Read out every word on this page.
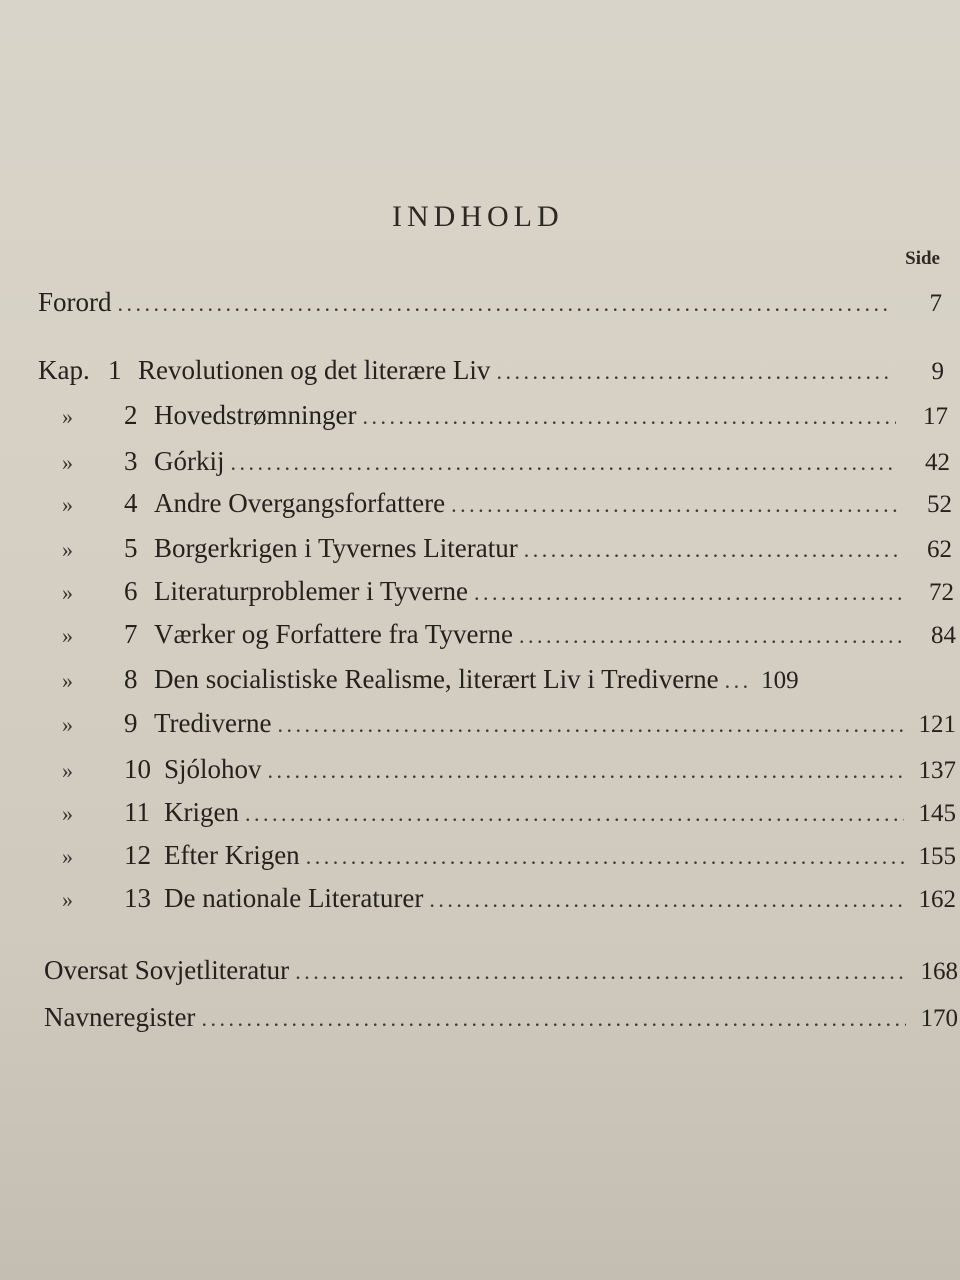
INDHOLD
Side
Forord . . .	7
Kap. 1 Revolutionen og det literære Liv . . .	9
»	2 Hovedstrømninger . . .	17
»	3 Górkij . . .	42
»	4 Andre Overgangsforfattere . . .	52
»	5 Borgerkrigen i Tyvernes Literatur . . .	62
»	6 Literaturproblemer i Tyverne . . .	72
»	7 Værker og Forfattere fra Tyverne . . .	84
»	8 Den socialistiske Realisme, literært Liv i Trediverne . . .	109
»	9 Trediverne . . .	121
»	10 Sjólohov . . .	137
»	11 Krigen . . .	145
»	12 Efter Krigen . . .	155
»	13 De nationale Literaturer . . .	162
Oversat Sovjetliteratur . . .	168
Navneregister . . .	170
